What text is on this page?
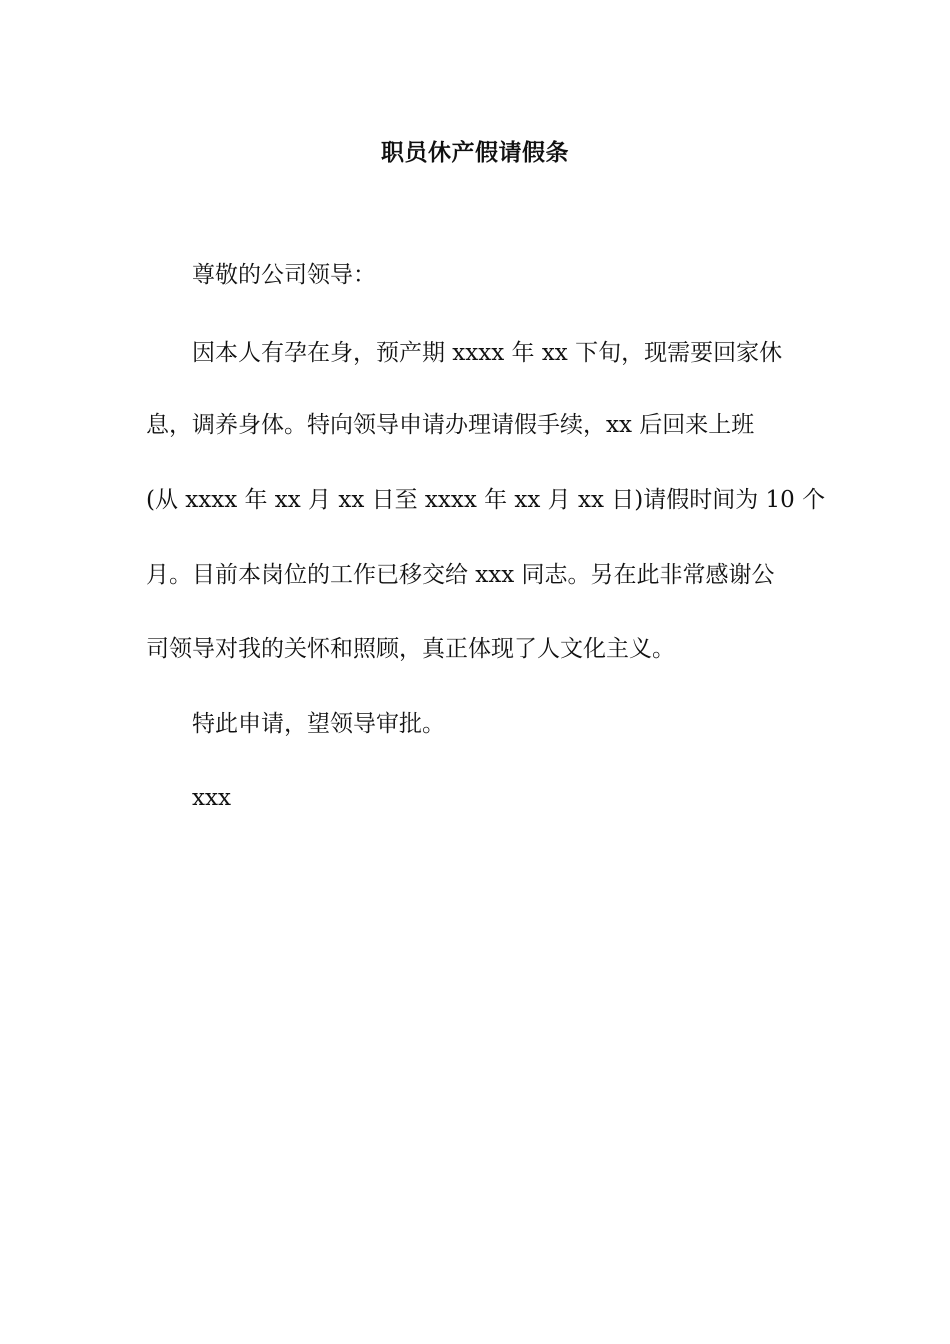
职员休产假请假条
尊敬的公司领导：
因本人有孕在身，预产期 xxxx 年 xx 下旬，现需要回家休
息，调养身体。特向领导申请办理请假手续，xx 后回来上班
(从 xxxx 年 xx 月 xx 日至 xxxx 年 xx 月 xx 日)请假时间为 10 个
月。目前本岗位的工作已移交给 xxx 同志。另在此非常感谢公
司领导对我的关怀和照顾，真正体现了人文化主义。
特此申请，望领导审批。
xxx
